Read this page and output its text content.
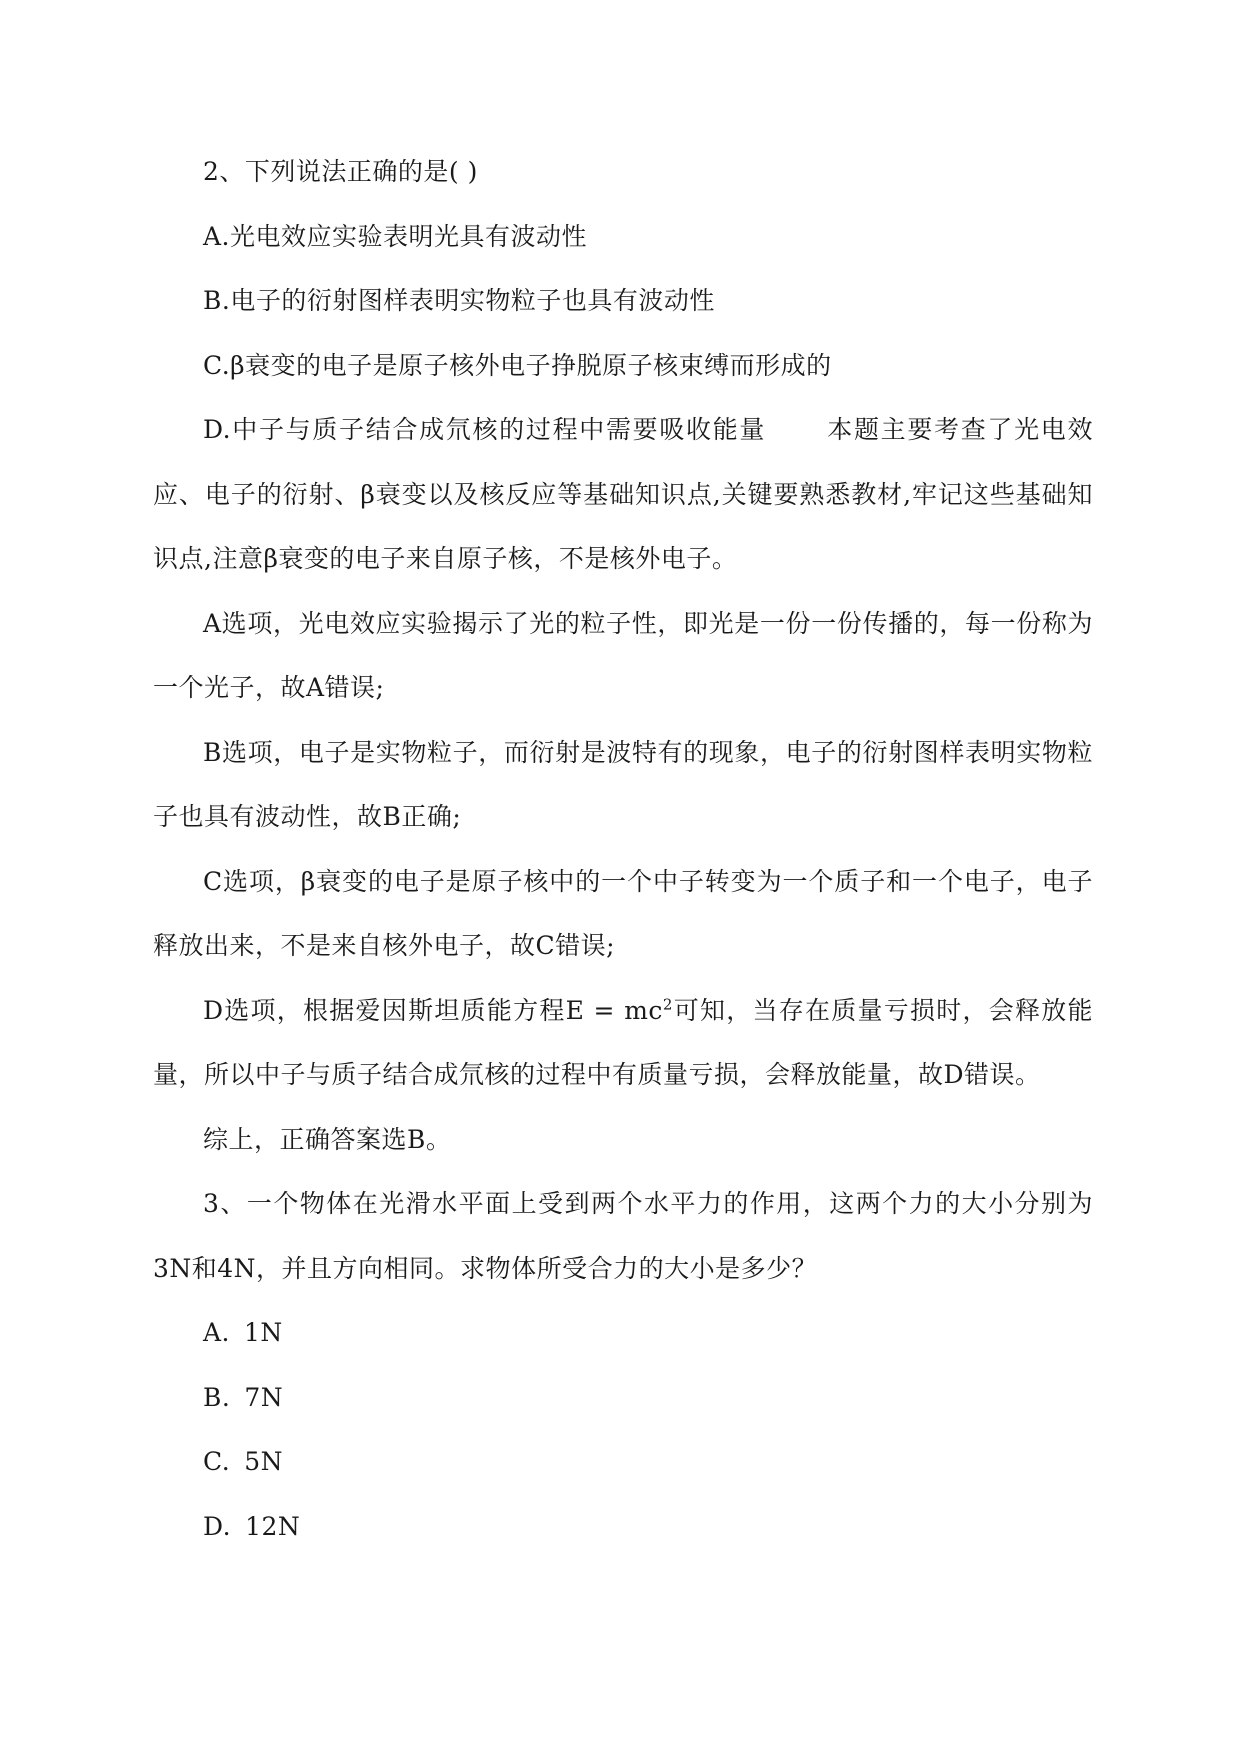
2、下列说法正确的是( )

A.光电效应实验表明光具有波动性

B.电子的衍射图样表明实物粒子也具有波动性

C.β衰变的电子是原子核外电子挣脱原子核束缚而形成的

D.中子与质子结合成氘核的过程中需要吸收能量 本题主要考查了光电效应、电子的衍射、β衰变以及核反应等基础知识点,关键要熟悉教材,牢记这些基础知识点,注意β衰变的电子来自原子核，不是核外电子。

A选项，光电效应实验揭示了光的粒子性，即光是一份一份传播的，每一份称为一个光子，故A错误;

B选项，电子是实物粒子，而衍射是波特有的现象，电子的衍射图样表明实物粒子也具有波动性，故B正确;

C选项，β衰变的电子是原子核中的一个中子转变为一个质子和一个电子，电子释放出来，不是来自核外电子，故C错误;

D选项，根据爱因斯坦质能方程$E = mc^2$可知，当存在质量亏损时，会释放能量，所以中子与质子结合成氘核的过程中有质量亏损，会释放能量，故D错误。

综上，正确答案选B。

3、一个物体在光滑水平面上受到两个水平力的作用，这两个力的大小分别为3N和4N，并且方向相同。求物体所受合力的大小是多少？

A. 1N

B. 7N

C. 5N

D. 12N
